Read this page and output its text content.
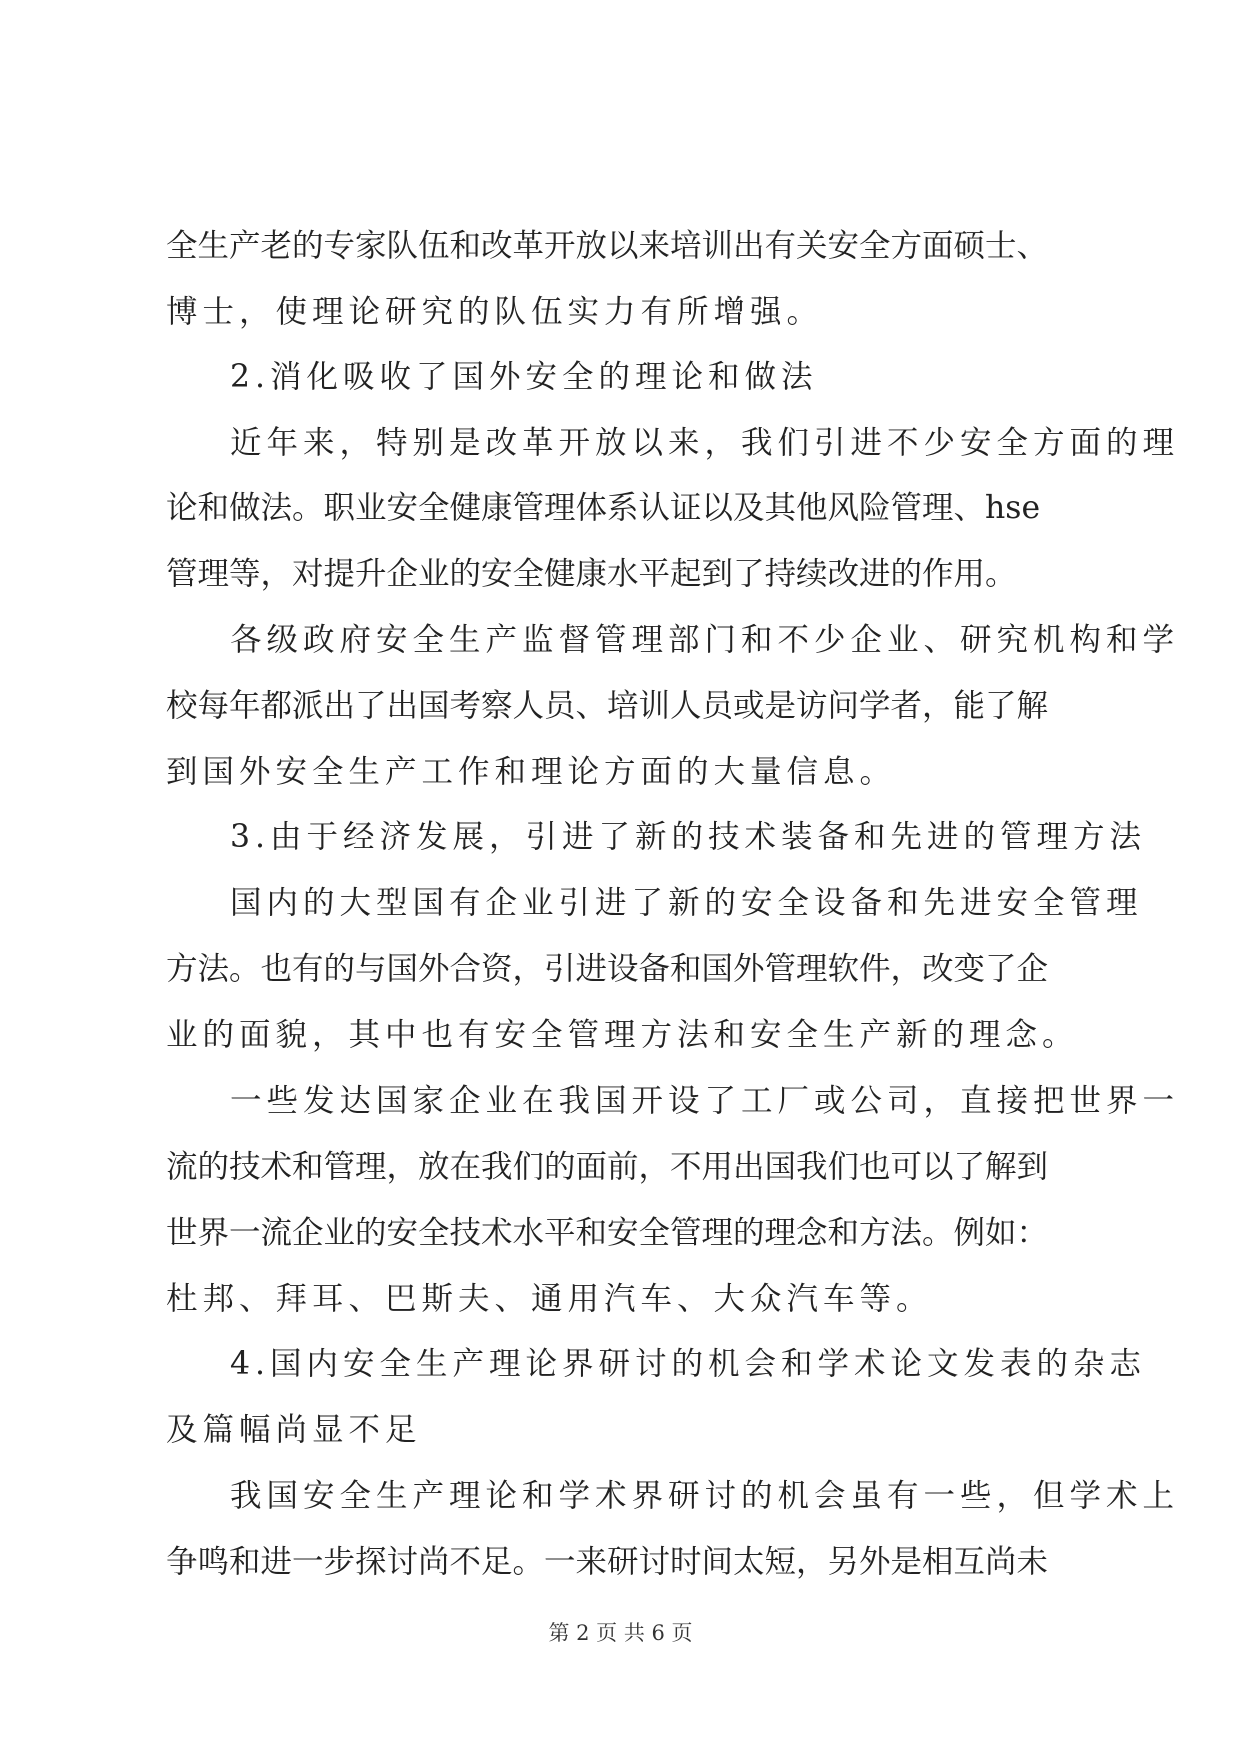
全生产老的专家队伍和改革开放以来培训出有关安全方面硕士、
博士，使理论研究的队伍实力有所增强。
2.消化吸收了国外安全的理论和做法
近年来，特别是改革开放以来，我们引进不少安全方面的理
论和做法。职业安全健康管理体系认证以及其他风险管理、hse
管理等，对提升企业的安全健康水平起到了持续改进的作用。
各级政府安全生产监督管理部门和不少企业、研究机构和学
校每年都派出了出国考察人员、培训人员或是访问学者，能了解
到国外安全生产工作和理论方面的大量信息。
3.由于经济发展，引进了新的技术装备和先进的管理方法
国内的大型国有企业引进了新的安全设备和先进安全管理
方法。也有的与国外合资，引进设备和国外管理软件，改变了企
业的面貌，其中也有安全管理方法和安全生产新的理念。
一些发达国家企业在我国开设了工厂或公司，直接把世界一
流的技术和管理，放在我们的面前，不用出国我们也可以了解到
世界一流企业的安全技术水平和安全管理的理念和方法。例如：
杜邦、拜耳、巴斯夫、通用汽车、大众汽车等。
4.国内安全生产理论界研讨的机会和学术论文发表的杂志
及篇幅尚显不足
我国安全生产理论和学术界研讨的机会虽有一些，但学术上
争鸣和进一步探讨尚不足。一来研讨时间太短，另外是相互尚未
第 2 页 共 6 页
